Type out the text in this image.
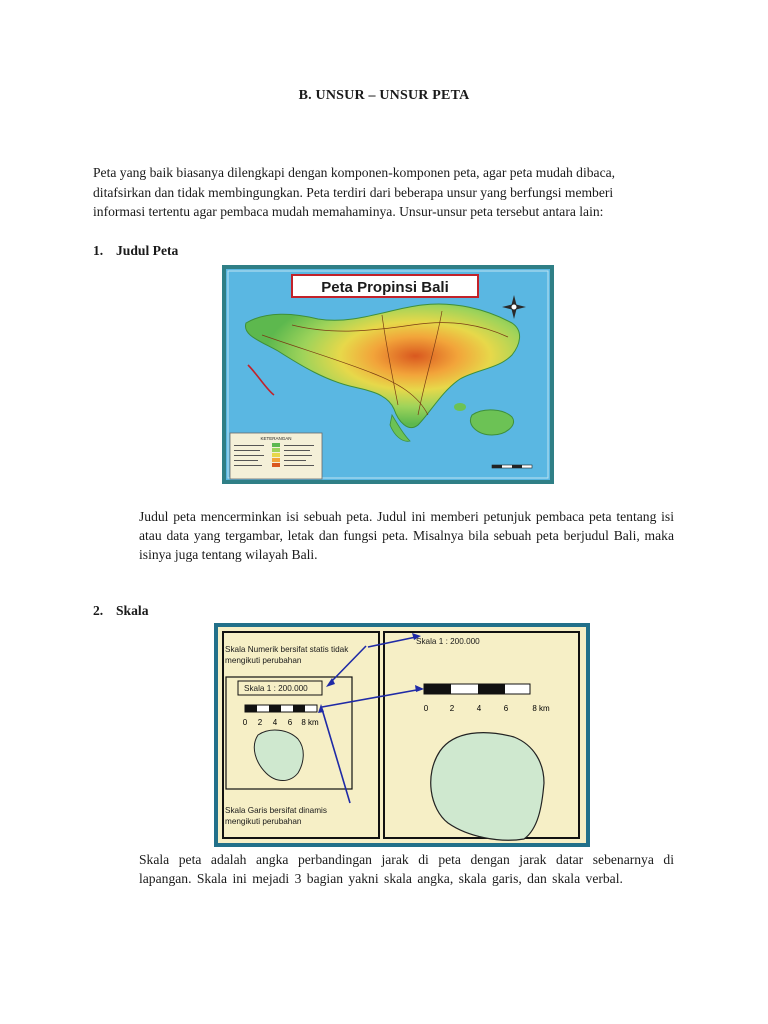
B. UNSUR – UNSUR PETA

Peta yang baik biasanya dilengkapi dengan komponen-komponen peta, agar peta mudah dibaca, ditafsirkan dan tidak membingungkan. Peta terdiri dari beberapa unsur yang berfungsi memberi informasi tertentu agar pembaca mudah memahaminya. Unsur-unsur peta tersebut antara lain:

1. Judul Peta
Peta Propinsi Bali
KETERANGAN
Judul peta mencerminkan isi sebuah peta. Judul ini memberi petunjuk pembaca peta tentang isi atau data yang tergambar, letak dan fungsi peta. Misalnya bila sebuah peta berjudul Bali, maka isinya juga tentang wilayah Bali.
2. Skala
Skala Numerik bersifat statis tidak
mengikuti perubahan
Skala 1 : 200.000
0 2 4 6 8 km
Skala Garis bersifat dinamis
mengikuti perubahan
Skala 1 : 200.000
0	2	4	6	8 km
Skala peta adalah angka perbandingan jarak di peta dengan jarak datar sebenarnya di lapangan. Skala ini mejadi 3 bagian yakni skala angka, skala garis, dan skala verbal.
